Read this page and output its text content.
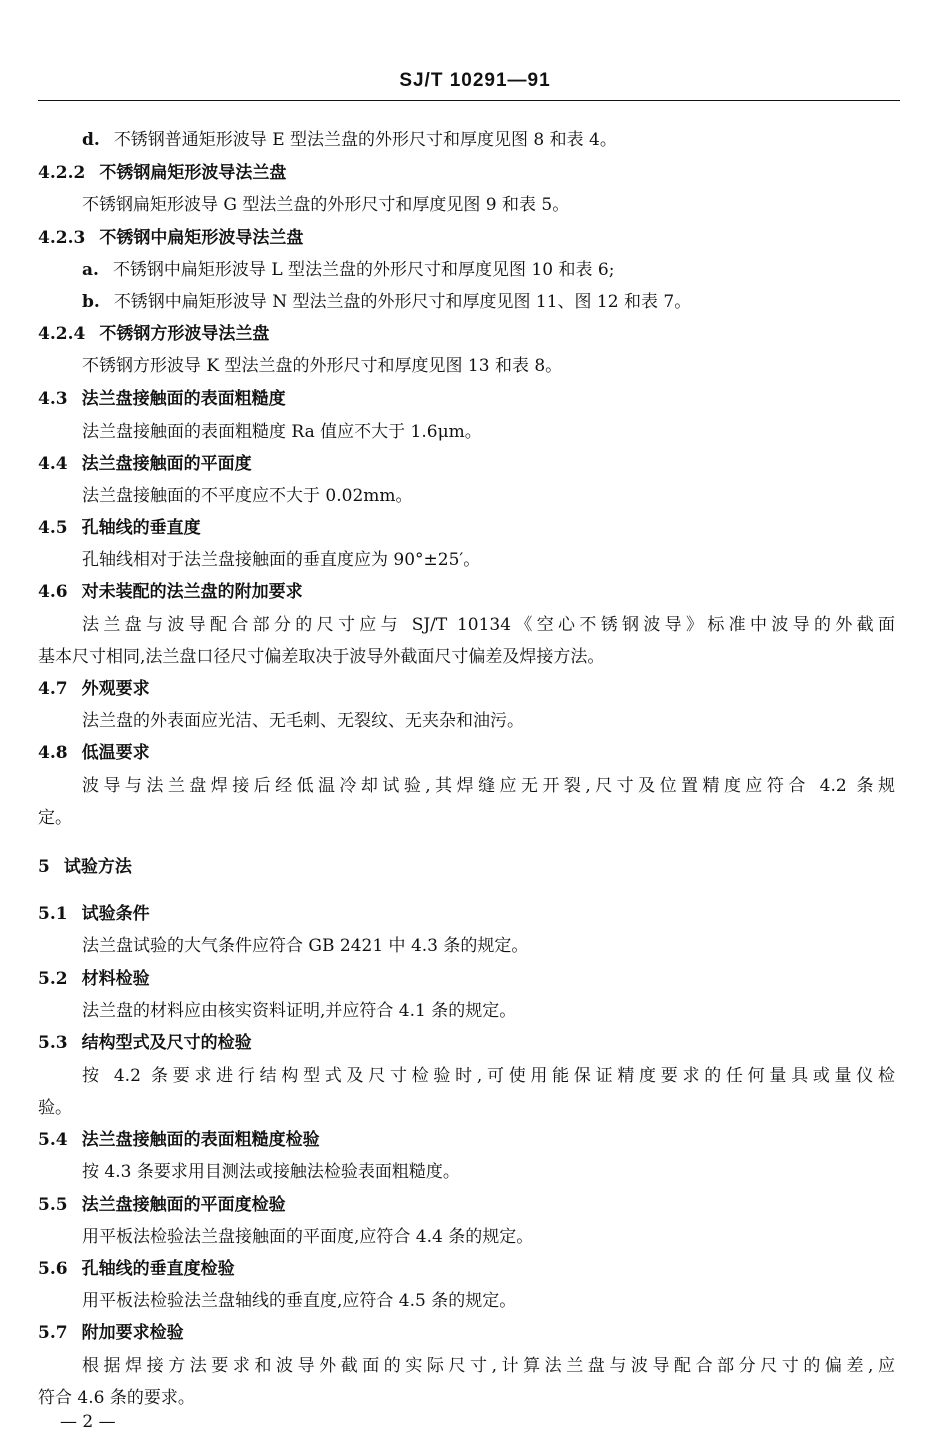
SJ/T 10291—91
d. 不锈钢普通矩形波导 E 型法兰盘的外形尺寸和厚度见图 8 和表 4。
4.2.2 不锈钢扁矩形波导法兰盘
不锈钢扁矩形波导 G 型法兰盘的外形尺寸和厚度见图 9 和表 5。
4.2.3 不锈钢中扁矩形波导法兰盘
a. 不锈钢中扁矩形波导 L 型法兰盘的外形尺寸和厚度见图 10 和表 6;
b. 不锈钢中扁矩形波导 N 型法兰盘的外形尺寸和厚度见图 11、图 12 和表 7。
4.2.4 不锈钢方形波导法兰盘
不锈钢方形波导 K 型法兰盘的外形尺寸和厚度见图 13 和表 8。
4.3 法兰盘接触面的表面粗糙度
法兰盘接触面的表面粗糙度 Ra 值应不大于 1.6μm。
4.4 法兰盘接触面的平面度
法兰盘接触面的不平度应不大于 0.02mm。
4.5 孔轴线的垂直度
孔轴线相对于法兰盘接触面的垂直度应为 90°±25′。
4.6 对未装配的法兰盘的附加要求
法兰盘与波导配合部分的尺寸应与 SJ/T 10134《空心不锈钢波导》标准中波导的外截面
基本尺寸相同,法兰盘口径尺寸偏差取决于波导外截面尺寸偏差及焊接方法。
4.7 外观要求
法兰盘的外表面应光洁、无毛刺、无裂纹、无夹杂和油污。
4.8 低温要求
波导与法兰盘焊接后经低温冷却试验,其焊缝应无开裂,尺寸及位置精度应符合 4.2 条规
定。
5 试验方法
5.1 试验条件
法兰盘试验的大气条件应符合 GB 2421 中 4.3 条的规定。
5.2 材料检验
法兰盘的材料应由核实资料证明,并应符合 4.1 条的规定。
5.3 结构型式及尺寸的检验
按 4.2 条要求进行结构型式及尺寸检验时,可使用能保证精度要求的任何量具或量仪检
验。
5.4 法兰盘接触面的表面粗糙度检验
按 4.3 条要求用目测法或接触法检验表面粗糙度。
5.5 法兰盘接触面的平面度检验
用平板法检验法兰盘接触面的平面度,应符合 4.4 条的规定。
5.6 孔轴线的垂直度检验
用平板法检验法兰盘轴线的垂直度,应符合 4.5 条的规定。
5.7 附加要求检验
根据焊接方法要求和波导外截面的实际尺寸,计算法兰盘与波导配合部分尺寸的偏差,应
符合 4.6 条的要求。
— 2 —
